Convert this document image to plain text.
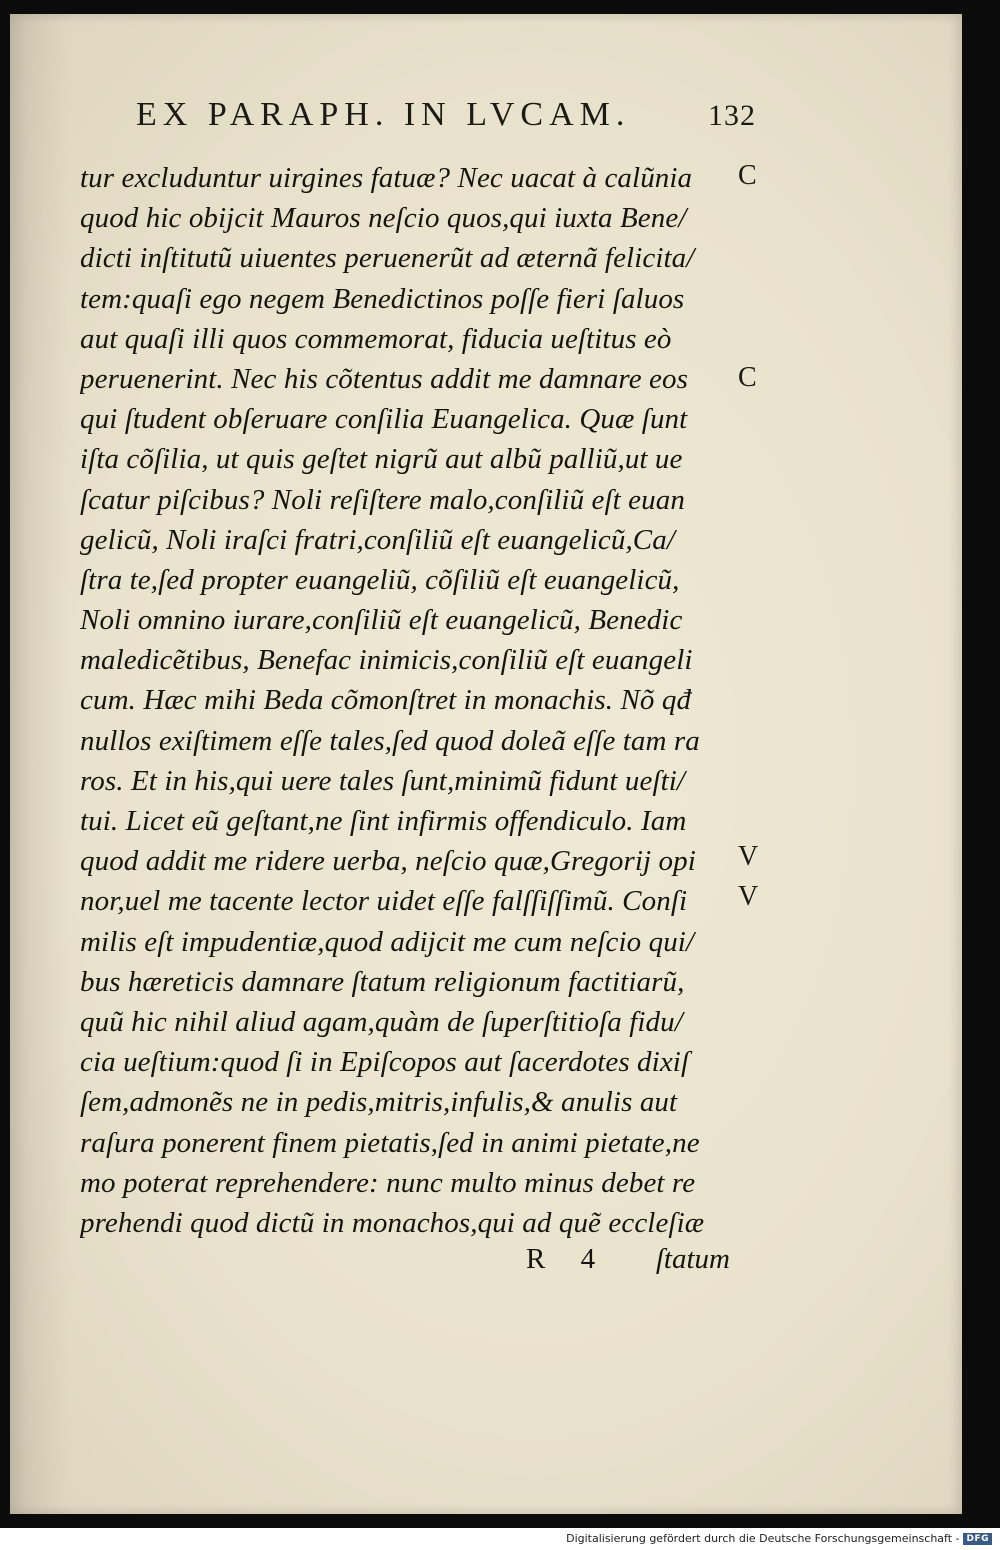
EX PARAPH. IN LVCAM.	132
tur excluduntur uirgines fatuæ? Nec uacat à calũnia
quod hic obijcit Mauros neſcio quos,qui iuxta Bene/
dicti inſtitutũ uiuentes peruenerũt ad æternã felicita/
tem:quaſi ego negem Benedictinos poſſe fieri ſaluos
aut quaſi illi quos commemorat, fiducia ueſtitus eò
peruenerint. Nec his cõtentus addit me damnare eos
qui ſtudent obſeruare conſilia Euangelica. Quæ ſunt
iſta cõſilia, ut quis geſtet nigrũ aut albũ palliũ,ut ue
ſcatur piſcibus? Noli reſiſtere malo,conſiliũ eſt euan
gelicũ, Noli iraſci fratri,conſiliũ eſt euangelicũ,Ca/
ſtra te,ſed propter euangeliũ, cõſiliũ eſt euangelicũ,
Noli omnino iurare,conſiliũ eſt euangelicũ, Benedic
maledicẽtibus, Benefac inimicis,conſiliũ eſt euangeli
cum. Hæc mihi Beda cõmonſtret in monachis. Nõ qđ
nullos exiſtimem eſſe tales,ſed quod doleã eſſe tam ra
ros. Et in his,qui uere tales ſunt,minimũ fidunt ueſti/
tui. Licet eũ geſtant,ne ſint infirmis offendiculo. Iam
quod addit me ridere uerba, neſcio quæ,Gregorij opi
nor,uel me tacente lector uidet eſſe falſſiſſimũ. Conſi
milis eſt impudentiæ,quod adijcit me cum neſcio qui/
bus hæreticis damnare ſtatum religionum factitiarũ,
quũ hic nihil aliud agam,quàm de ſuperſtitioſa fidu/
cia ueſtium:quod ſi in Epiſcopos aut ſacerdotes dixiſ
ſem,admonẽs ne in pedis,mitris,infulis,& anulis aut
raſura ponerent finem pietatis,ſed in animi pietate,ne
mo poterat reprehendere: nunc multo minus debet re
prehendi quod dictũ in monachos,qui ad quẽ eccleſiæ
C
C
V
V
R 4 ſtatum
Digitalisierung gefördert durch die Deutsche Forschungsgemeinschaft - DFG
